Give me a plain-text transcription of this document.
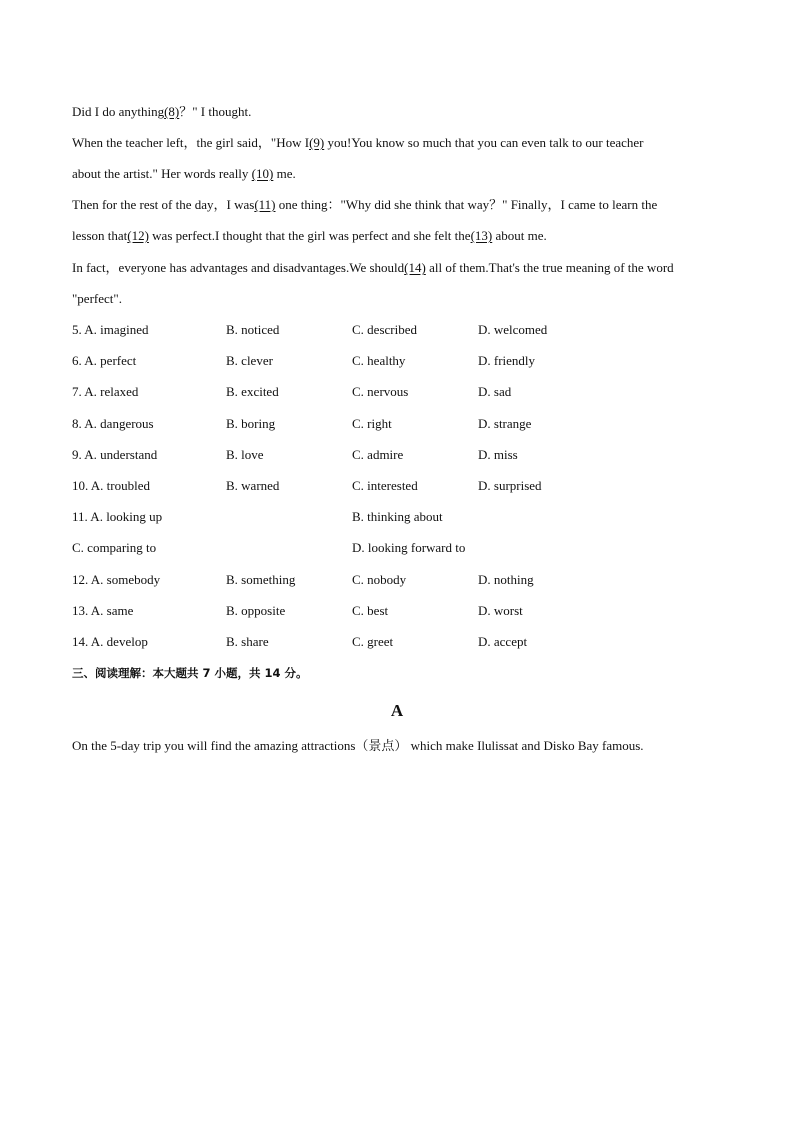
Did I do anything(8)？" I thought.
When the teacher left，the girl said，"How I(9) you!You know so much that you can even talk to our teacher
about the artist." Her words really (10) me.
Then for the rest of the day，I was(11) one thing："Why did she think that way？" Finally，I came to learn the
lesson that(12) was perfect.I thought that the girl was perfect and she felt the(13) about me.
In fact，everyone has advantages and disadvantages.We should(14) all of them.That's the true meaning of the word
"perfect".
5. A. imagined	B. noticed	C. described	D. welcomed
6. A. perfect	B. clever	C. healthy	D. friendly
7. A. relaxed	B. excited	C. nervous	D. sad
8. A. dangerous	B. boring	C. right	D. strange
9. A. understand	B. love	C. admire	D. miss
10. A. troubled	B. warned	C. interested	D. surprised
11. A. looking up	B. thinking about
C. comparing to	D. looking forward to
12. A. somebody	B. something	C. nobody	D. nothing
13. A. same	B. opposite	C. best	D. worst
14. A. develop	B. share	C. greet	D. accept
三、阅读理解：本大题共 7 小题，共 14 分。
A
On the 5-day trip you will find the amazing attractions（景点） which make Ilulissat and Disko Bay famous.
